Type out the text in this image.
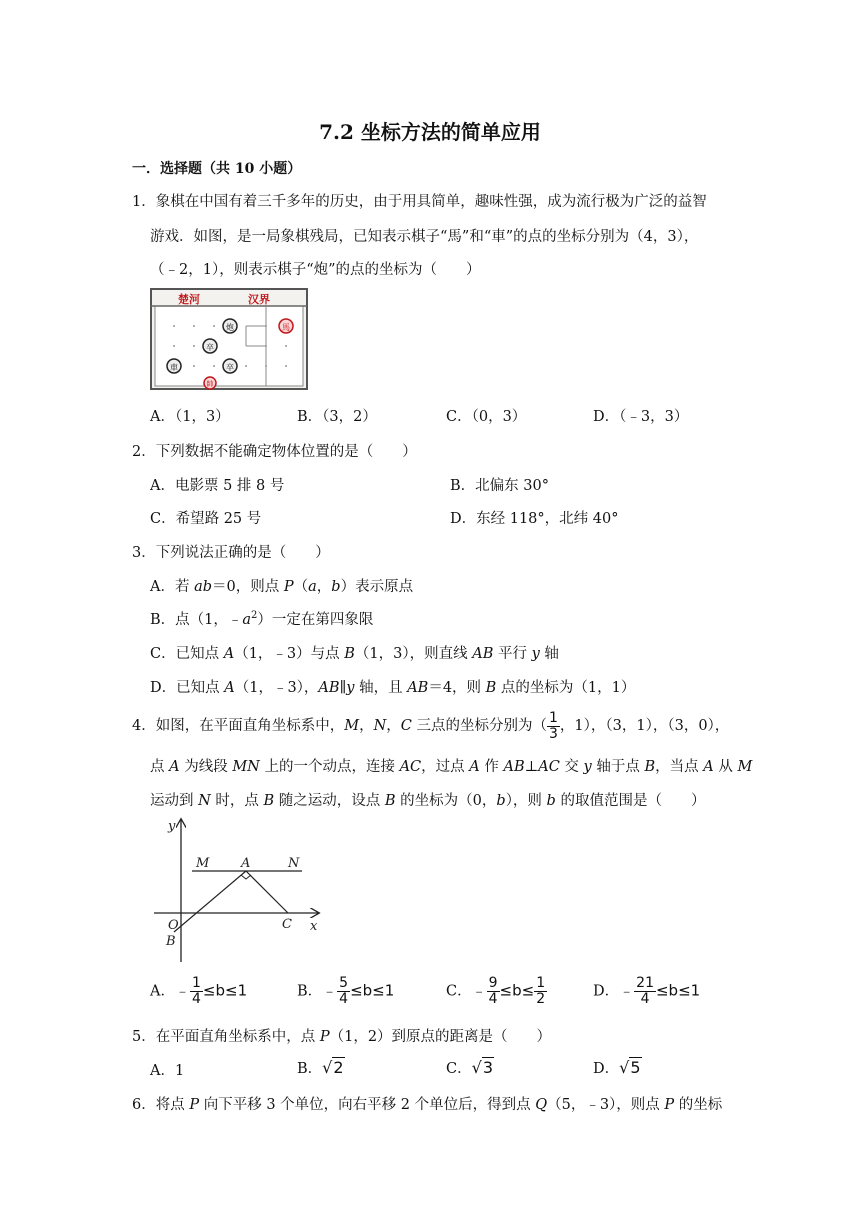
7.2 坐标方法的简单应用
一．选择题（共 10 小题）
1．象棋在中国有着三千多年的历史，由于用具简单，趣味性强，成为流行极为广泛的益智
游戏．如图，是一局象棋残局，已知表示棋子“馬”和“車”的点的坐标分别为（4，3），
（﹣2，1），则表示棋子“炮”的点的坐标为（　　）
楚河	汉界
炮	馬
卒
車	卒
帥
A．（1，3）	B．（3，2）	C．（0，3）	D．（﹣3，3）
2．下列数据不能确定物体位置的是（　　）
A．电影票 5 排 8 号	B．北偏东 30°
C．希望路 25 号	D．东经 118°，北纬 40°
3．下列说法正确的是（　　）
A．若 ab＝0，则点 P（a，b）表示原点
B．点（1，$﹣a^2$）一定在第四象限
C．已知点 A（1，﹣3）与点 B（1，3），则直线 AB 平行 y 轴
D．已知点 A（1，﹣3），AB∥y 轴，且 AB＝4，则 B 点的坐标为（1，1）
4．如图，在平面直角坐标系中，M，N，C 三点的坐标分别为（ $\frac{1}{3}$ ，1），（3，1），（3，0），
点 A 为线段 MN 上的一个动点，连接 AC，过点 A 作 AB⊥AC 交 y 轴于点 B，当点 A 从 M
运动到 N 时，点 B 随之运动，设点 B 的坐标为（0，b），则 b 的取值范围是（　　）
y
x
M A	N
O
B
C
A．﹣ $\frac{1}{4} \le b\le 1$	B．﹣ $\frac{5}{4} \le b\le 1$	C．﹣ $\frac{9}{4} \le b\le \frac{1}{2}$	D．﹣ $\frac{21}{4} \le b\le 1$
5．在平面直角坐标系中，点 P（1，2）到原点的距离是（　　）
A．1	B．√2	C．√3	D．√5
6．将点 P 向下平移 3 个单位，向右平移 2 个单位后，得到点 Q（5，﹣3），则点 P 的坐标
